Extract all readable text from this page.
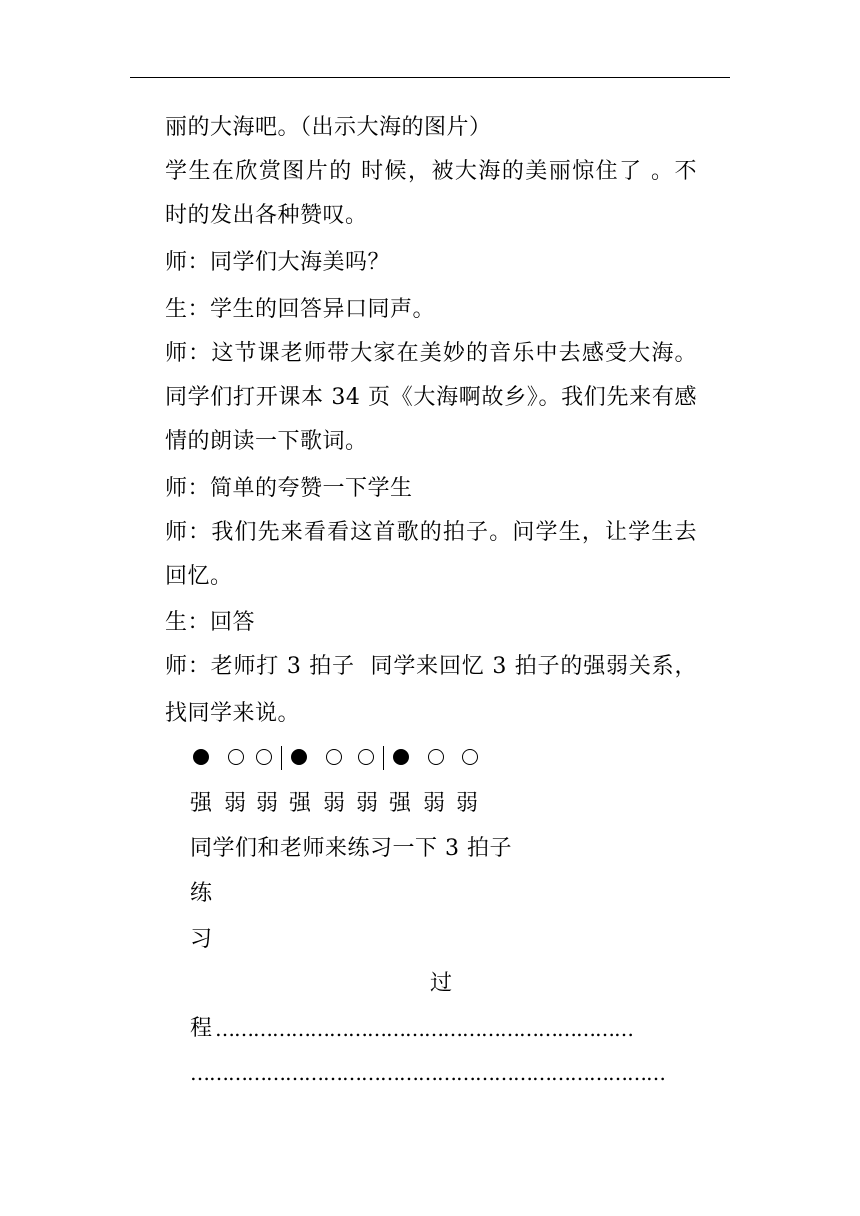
丽的大海吧。（出示大海的图片）
学生在欣赏图片的 时候，被大海的美丽惊住了 。不
时的发出各种赞叹。
师：同学们大海美吗？
生：学生的回答异口同声。
师：这节课老师带大家在美妙的音乐中去感受大海。
同学们打开课本 34 页《大海啊故乡》。我们先来有感
情的朗读一下歌词。
师：简单的夸赞一下学生
师：我们先来看看这首歌的拍子。问学生，让学生去
回忆。
生：回答
师：老师打 3 拍子  同学来回忆 3 拍子的强弱关系，
找同学来说。
强 弱 弱 强 弱 弱 强 弱 弱
同学们和老师来练习一下 3 拍子
练
习
过
程 …………………………………………………………
…………………………………………………………………
